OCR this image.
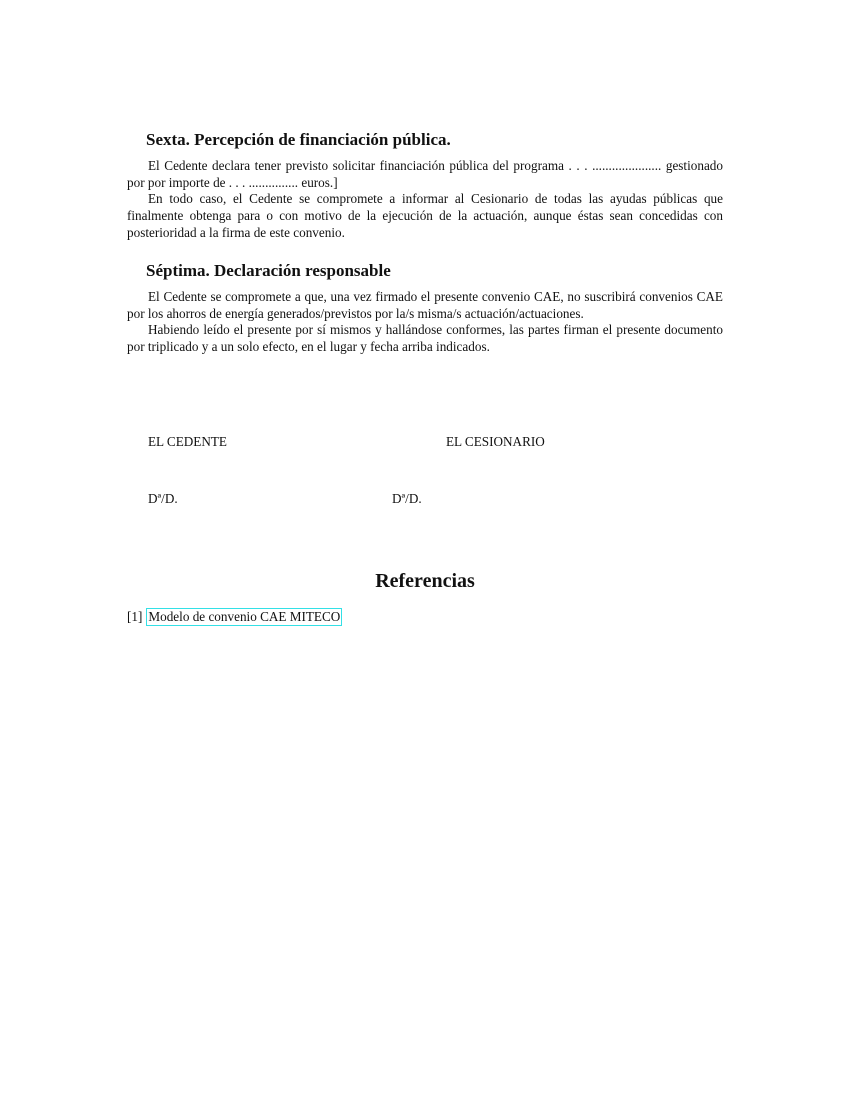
Sexta. Percepción de financiación pública.

El Cedente declara tener previsto solicitar financiación pública del programa . . . ..................... gestionado por por importe de . . . ............... euros.]

En todo caso, el Cedente se compromete a informar al Cesionario de todas las ayudas públicas que finalmente obtenga para o con motivo de la ejecución de la actuación, aunque éstas sean concedidas con posterioridad a la firma de este convenio.

Séptima. Declaración responsable

El Cedente se compromete a que, una vez firmado el presente convenio CAE, no suscribirá convenios CAE por los ahorros de energía generados/previstos por la/s misma/s actuación/actuaciones.

Habiendo leído el presente por sí mismos y hallándose conformes, las partes firman el presente documento por triplicado y a un solo efecto, en el lugar y fecha arriba indicados.

EL CEDENTE	EL CESIONARIO
Dª/D.	Dª/D.
Referencias
[1] Modelo de convenio CAE MITECO
